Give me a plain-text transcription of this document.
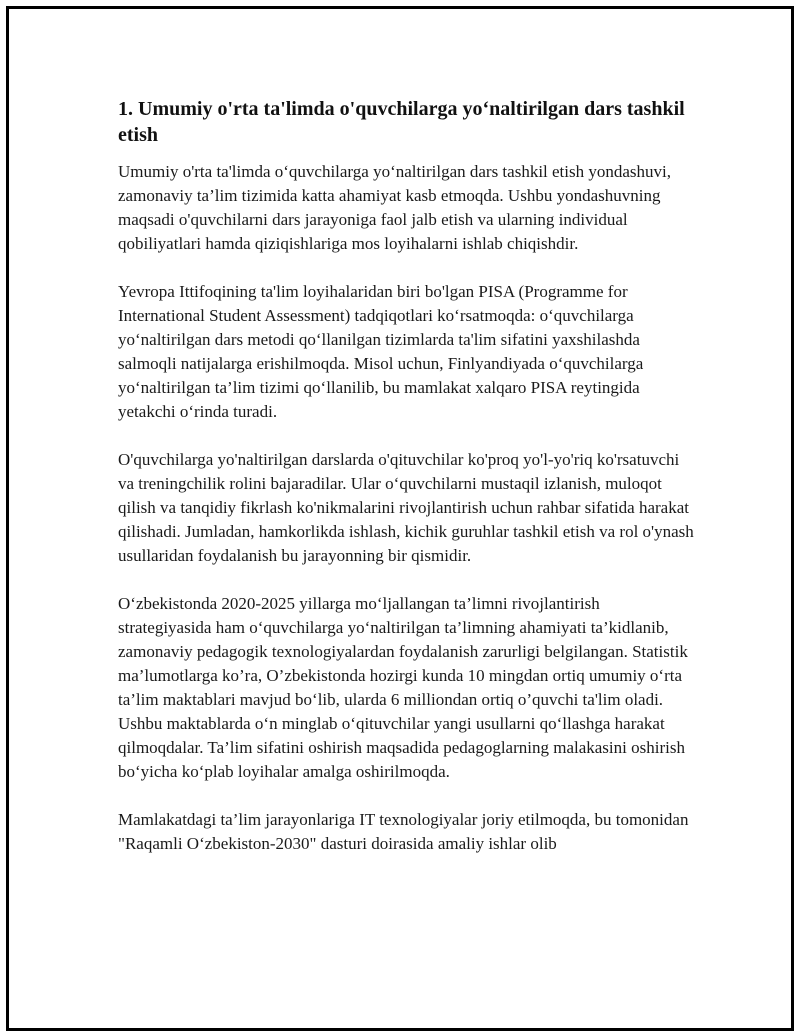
1. Umumiy o'rta ta'limda o'quvchilarga yo‘naltirilgan dars tashkil etish

Umumiy o'rta ta'limda o‘quvchilarga yo‘naltirilgan dars tashkil etish yondashuvi, zamonaviy ta’lim tizimida katta ahamiyat kasb etmoqda. Ushbu yondashuvning maqsadi o'quvchilarni dars jarayoniga faol jalb etish va ularning individual qobiliyatlari hamda qiziqishlariga mos loyihalarni ishlab chiqishdir.

Yevropa Ittifoqining ta'lim loyihalaridan biri bo'lgan PISA (Programme for International Student Assessment) tadqiqotlari ko‘rsatmoqda: o‘quvchilarga yo‘naltirilgan dars metodi qo‘llanilgan tizimlarda ta'lim sifatini yaxshilashda salmoqli natijalarga erishilmoqda. Misol uchun, Finlyandiyada o‘quvchilarga yo‘naltirilgan ta’lim tizimi qo‘llanilib, bu mamlakat xalqaro PISA reytingida yetakchi o‘rinda turadi.

O'quvchilarga yo'naltirilgan darslarda o'qituvchilar ko'proq yo'l-yo'riq ko'rsatuvchi va treningchilik rolini bajaradilar. Ular o‘quvchilarni mustaqil izlanish, muloqot qilish va tanqidiy fikrlash ko'nikmalarini rivojlantirish uchun rahbar sifatida harakat qilishadi. Jumladan, hamkorlikda ishlash, kichik guruhlar tashkil etish va rol o'ynash usullaridan foydalanish bu jarayonning bir qismidir.

O‘zbekistonda 2020-2025 yillarga mo‘ljallangan ta’limni rivojlantirish strategiyasida ham o‘quvchilarga yo‘naltirilgan ta’limning ahamiyati ta’kidlanib, zamonaviy pedagogik texnologiyalardan foydalanish zarurligi belgilangan. Statistik ma’lumotlarga ko’ra, O’zbekistonda hozirgi kunda 10 mingdan ortiq umumiy o‘rta ta’lim maktablari mavjud bo‘lib, ularda 6 milliondan ortiq o’quvchi ta'lim oladi. Ushbu maktablarda o‘n minglab o‘qituvchilar yangi usullarni qo‘llashga harakat qilmoqdalar. Ta’lim sifatini oshirish maqsadida pedagoglarning malakasini oshirish bo‘yicha ko‘plab loyihalar amalga oshirilmoqda.

Mamlakatdagi ta’lim jarayonlariga IT texnologiyalar joriy etilmoqda, bu tomonidan "Raqamli O‘zbekiston-2030" dasturi doirasida amaliy ishlar olib
